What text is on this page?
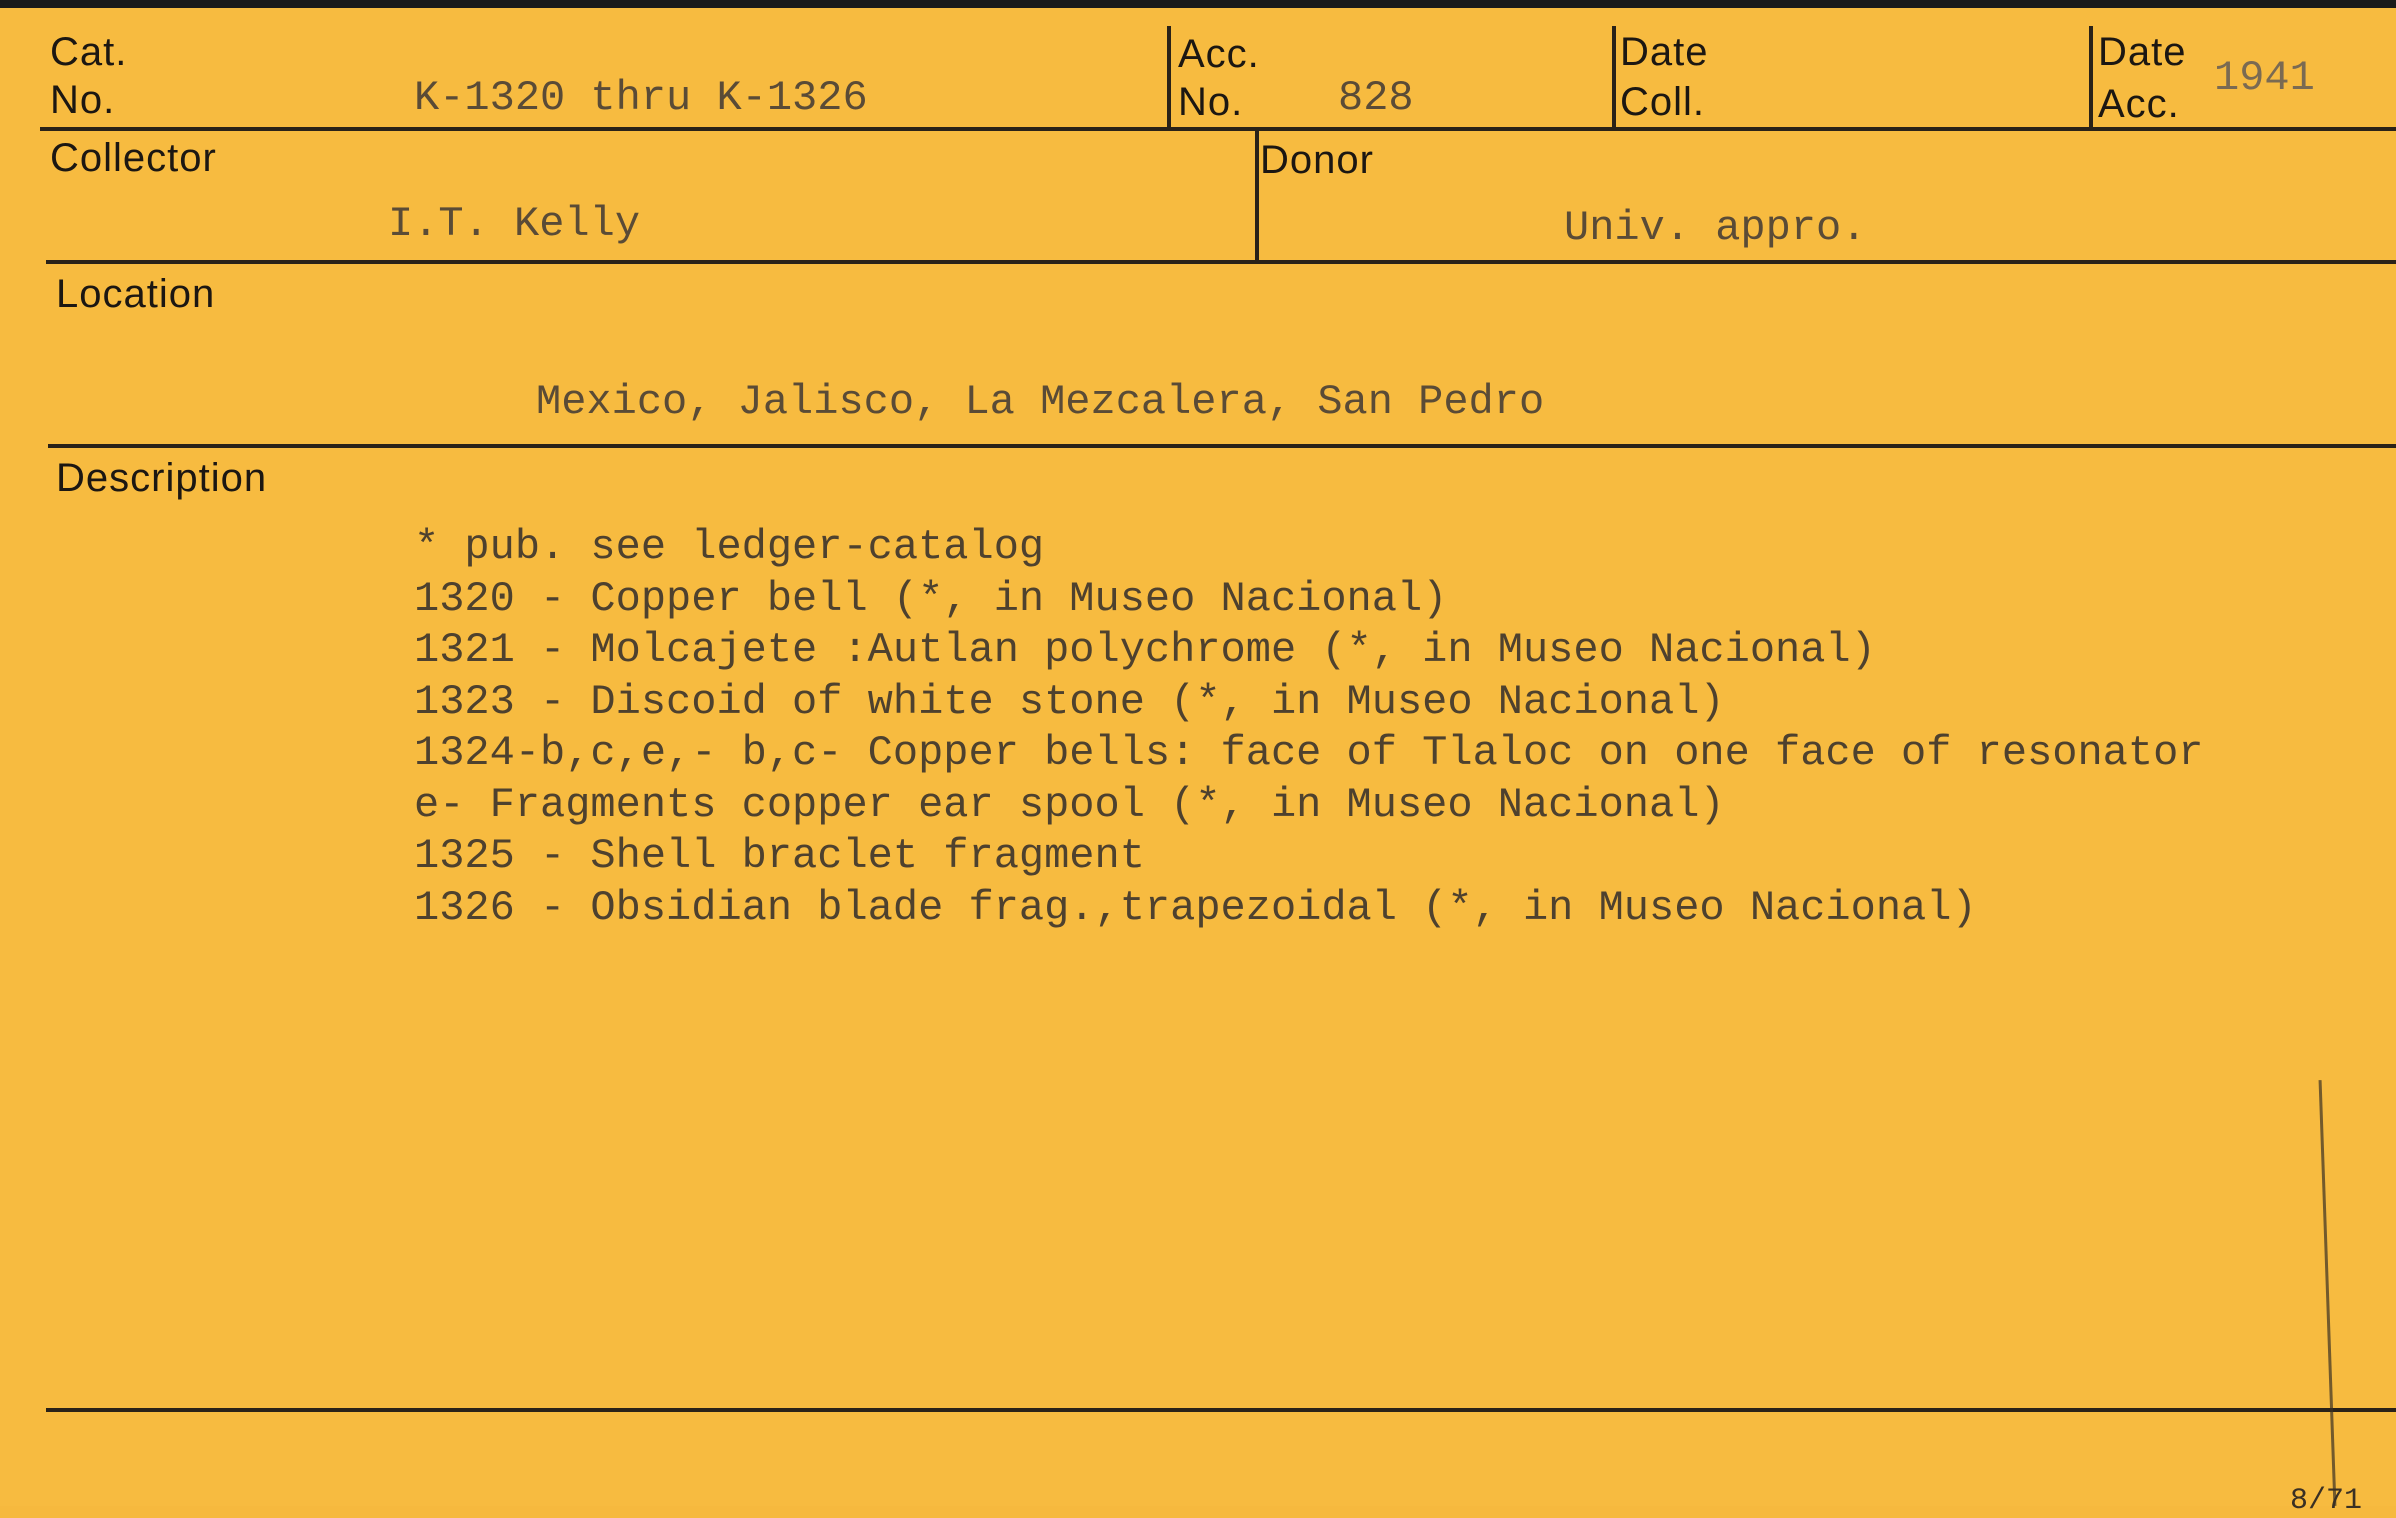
Cat.
No.	K-1320 thru K-1326
Acc.
No. 828
Date
Coll.
Date
Acc.
1941
Collector
I.T. Kelly
Donor
Univ. appro.
Location
Mexico, Jalisco, La Mezcalera, San Pedro
Description
* pub. see ledger-catalog
1320 - Copper bell (*, in Museo Nacional)
1321 - Molcajete :Autlan polychrome (*, in Museo Nacional)
1323 - Discoid of white stone (*, in Museo Nacional)
1324-b,c,e,- b,c- Copper bells: face of Tlaloc on one face of resonator
e- Fragments copper ear spool (*, in Museo Nacional)
1325 - Shell braclet fragment
1326 - Obsidian blade frag.,trapezoidal (*, in Museo Nacional)
8/71
